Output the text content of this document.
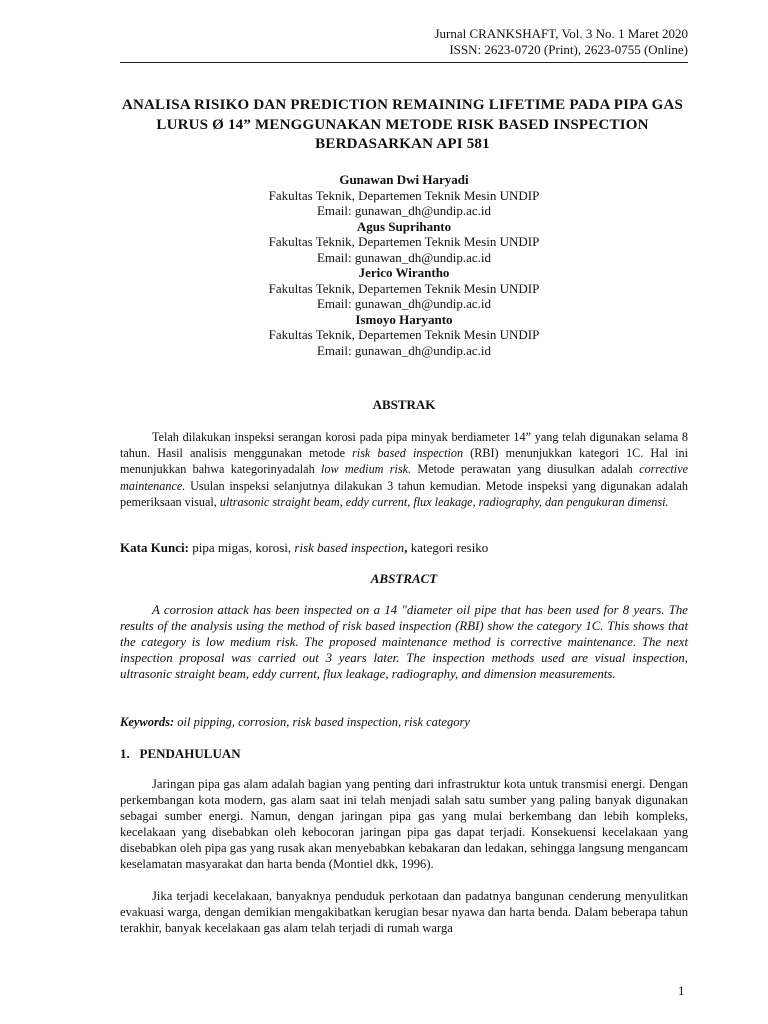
Jurnal CRANKSHAFT, Vol. 3 No. 1 Maret 2020
ISSN: 2623-0720 (Print), 2623-0755 (Online)
ANALISA RISIKO DAN PREDICTION REMAINING LIFETIME PADA PIPA GAS LURUS Ø 14” MENGGUNAKAN METODE RISK BASED INSPECTION BERDASARKAN API 581
Gunawan Dwi Haryadi
Fakultas Teknik, Departemen Teknik Mesin UNDIP
Email: gunawan_dh@undip.ac.id
Agus Suprihanto
Fakultas Teknik, Departemen Teknik Mesin UNDIP
Email: gunawan_dh@undip.ac.id
Jerico Wirantho
Fakultas Teknik, Departemen Teknik Mesin UNDIP
Email: gunawan_dh@undip.ac.id
Ismoyo Haryanto
Fakultas Teknik, Departemen Teknik Mesin UNDIP
Email: gunawan_dh@undip.ac.id
ABSTRAK
Telah dilakukan inspeksi serangan korosi pada pipa minyak berdiameter 14” yang telah digunakan selama 8 tahun. Hasil analisis menggunakan metode risk based inspection (RBI) menunjukkan kategori 1C. Hal ini menunjukkan bahwa kategorinyadalah low medium risk. Metode perawatan yang diusulkan adalah corrective maintenance. Usulan inspeksi selanjutnya dilakukan 3 tahun kemudian. Metode inspeksi yang digunakan adalah pemeriksaan visual, ultrasonic straight beam, eddy current, flux leakage, radiography, dan pengukuran dimensi.
Kata Kunci: pipa migas, korosi, risk based inspection, kategori resiko
ABSTRACT
A corrosion attack has been inspected on a 14 "diameter oil pipe that has been used for 8 years. The results of the analysis using the method of risk based inspection (RBI) show the category 1C. This shows that the category is low medium risk. The proposed maintenance method is corrective maintenance. The next inspection proposal was carried out 3 years later. The inspection methods used are visual inspection, ultrasonic straight beam, eddy current, flux leakage, radiography, and dimension measurements.
Keywords: oil pipping, corrosion, risk based inspection, risk category
1.   PENDAHULUAN
Jaringan pipa gas alam adalah bagian yang penting dari infrastruktur kota untuk transmisi energi. Dengan perkembangan kota modern, gas alam saat ini telah menjadi salah satu sumber yang paling banyak digunakan sebagai sumber energi. Namun, dengan jaringan pipa gas yang mulai berkembang dan lebih kompleks, kecelakaan yang disebabkan oleh kebocoran jaringan pipa gas dapat terjadi. Konsekuensi kecelakaan yang disebabkan oleh pipa gas yang rusak akan menyebabkan kebakaran dan ledakan, sehingga langsung mengancam keselamatan masyarakat dan harta benda (Montiel dkk, 1996).
Jika terjadi kecelakaan, banyaknya penduduk perkotaan dan padatnya bangunan cenderung menyulitkan evakuasi warga, dengan demikian mengakibatkan kerugian besar nyawa dan harta benda. Dalam beberapa tahun terakhir, banyak kecelakaan gas alam telah terjadi di rumah warga
1
